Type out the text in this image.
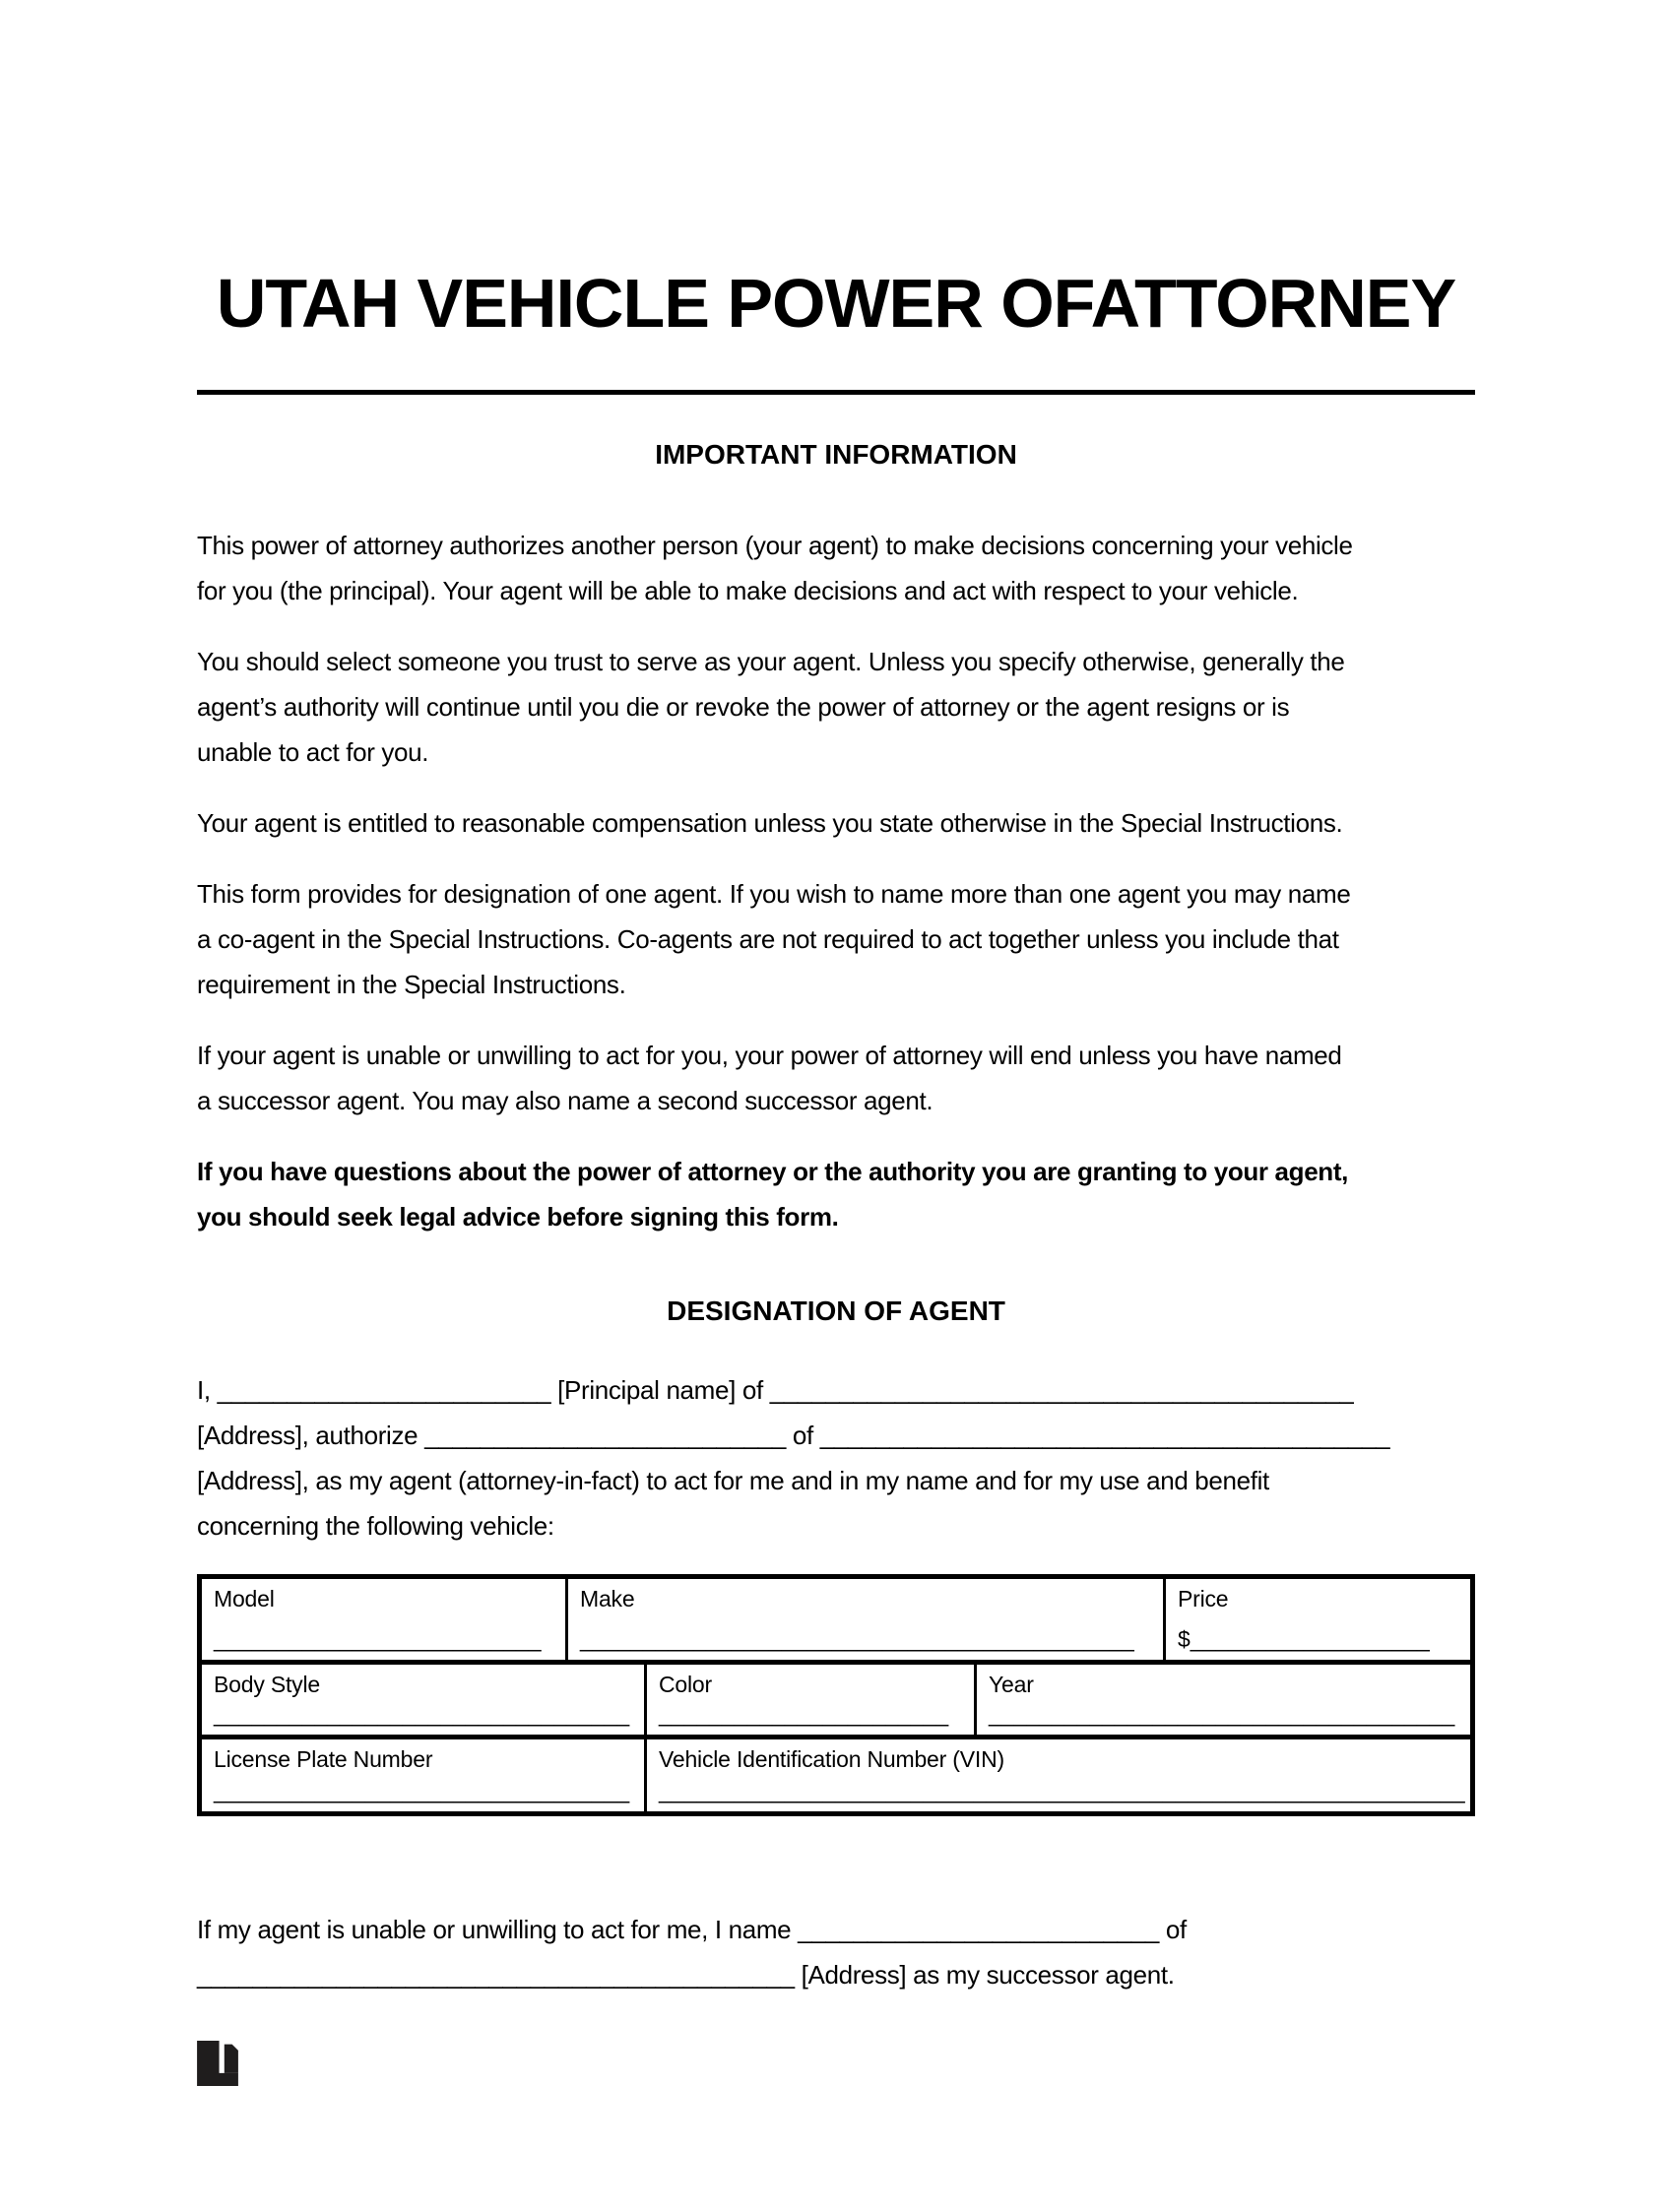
UTAH VEHICLE POWER OFATTORNEY
IMPORTANT INFORMATION

This power of attorney authorizes another person (your agent) to make decisions concerning your vehicle
for you (the principal). Your agent will be able to make decisions and act with respect to your vehicle.

You should select someone you trust to serve as your agent. Unless you specify otherwise, generally the
agent’s authority will continue until you die or revoke the power of attorney or the agent resigns or is
unable to act for you.

Your agent is entitled to reasonable compensation unless you state otherwise in the Special Instructions.

This form provides for designation of one agent. If you wish to name more than one agent you may name
a co-agent in the Special Instructions. Co-agents are not required to act together unless you include that
requirement in the Special Instructions.

If your agent is unable or unwilling to act for you, your power of attorney will end unless you have named
a successor agent. You may also name a second successor agent.

If you have questions about the power of attorney or the authority you are granting to your agent,
you should seek legal advice before signing this form.

DESIGNATION OF AGENT

I, ________________________ [Principal name] of __________________________________________
[Address], authorize __________________________ of _________________________________________
[Address], as my agent (attorney-in-fact) to act for me and in my name and for my use and benefit
concerning the following vehicle:

Model
__________________________
Make
____________________________________________
Price
$___________________
Body Style
_________________________________
Color
_______________________
Year
_____________________________________
License Plate Number
_________________________________
Vehicle Identification Number (VIN)
________________________________________________________________

If my agent is unable or unwilling to act for me, I name __________________________ of
___________________________________________ [Address] as my successor agent.
